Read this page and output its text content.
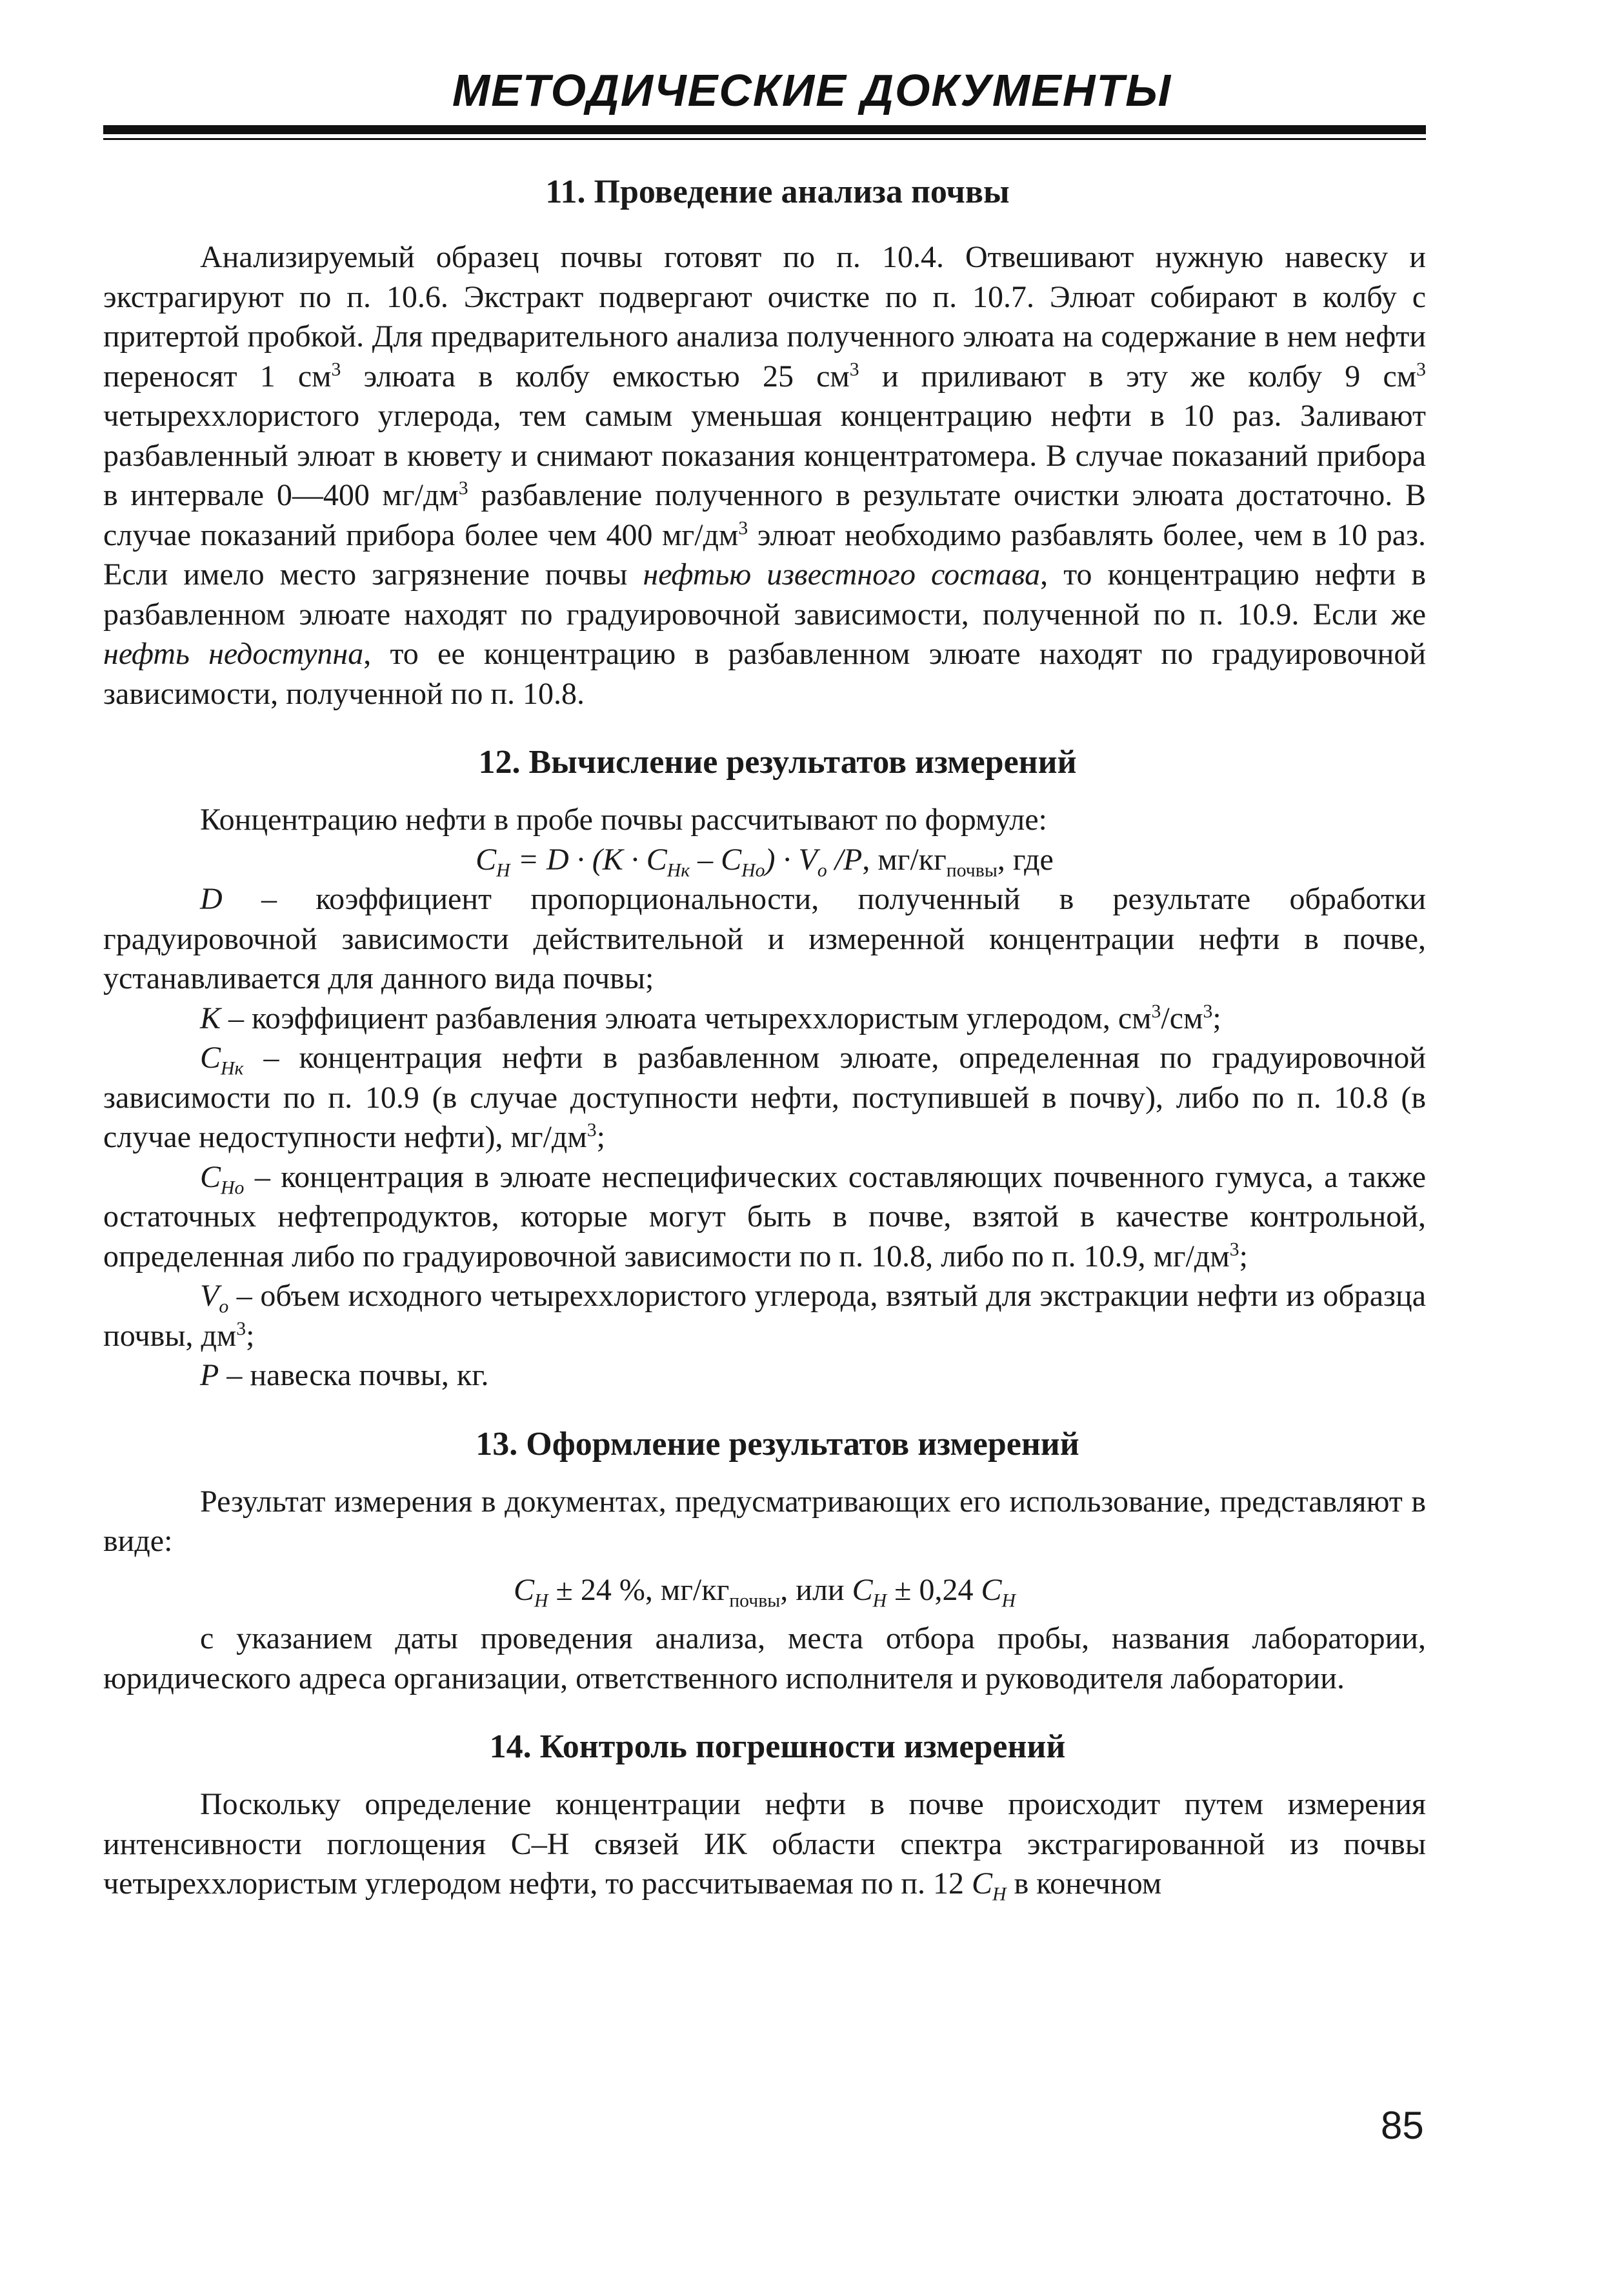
МЕТОДИЧЕСКИЕ ДОКУМЕНТЫ
11. Проведение анализа почвы

Анализируемый образец почвы готовят по п. 10.4. Отвешивают нужную навеску и экстрагируют по п. 10.6. Экстракт подвергают очистке по п. 10.7. Элюат собирают в колбу с притертой пробкой. Для предварительного анализа полученного элюата на содержание в нем нефти переносят 1 $см^3$ элюата в колбу емкостью 25 $см^3$ и приливают в эту же колбу 9 $см^3$ четыреххлористого углерода, тем самым уменьшая концентрацию нефти в 10 раз. Заливают разбавленный элюат в кювету и снимают показания концентратомера. В случае показаний прибора в интервале 0—400 $мг/дм^3$ разбавление полученного в результате очистки элюата достаточно. В случае показаний прибора более чем 400 $мг/дм^3$ элюат необходимо разбавлять более, чем в 10 раз. Если имело место загрязнение почвы нефтью известного состава, то концентрацию нефти в разбавленном элюате находят по градуировочной зависимости, полученной по п. 10.9. Если же нефть недоступна, то ее концентрацию в разбавленном элюате находят по градуировочной зависимости, полученной по п. 10.8.

12. Вычисление результатов измерений

Концентрацию нефти в пробе почвы рассчитывают по формуле:

$C_H = D \cdot (K \cdot C_{Hк} - C_{Ho}) \cdot V_o$ /P, $мг/кг_{почвы}$, где

D – коэффициент пропорциональности, полученный в результате обработки градуировочной зависимости действительной и измеренной концентрации нефти в почве, устанавливается для данного вида почвы;

K – коэффициент разбавления элюата четыреххлористым углеродом, $см^3/см^3$;

$C_{Hк}$ – концентрация нефти в разбавленном элюате, определенная по градуировочной зависимости по п. 10.9 (в случае доступности нефти, поступившей в почву), либо по п. 10.8 (в случае недоступности нефти), $мг/дм^3$;

$C_{Ho}$ – концентрация в элюате неспецифических составляющих почвенного гумуса, а также остаточных нефтепродуктов, которые могут быть в почве, взятой в качестве контрольной, определенная либо по градуировочной зависимости по п. 10.8, либо по п. 10.9, $мг/дм^3$;

$V_o$ – объем исходного четыреххлористого углерода, взятый для экстракции нефти из образца почвы, $дм^3$;

P – навеска почвы, кг.

13. Оформление результатов измерений

Результат измерения в документах, предусматривающих его использование, представляют в виде:

$C_H \pm 24$ %, $мг/кг_{почвы}$, или $C_H \pm 0,24$ $C_H$

с указанием даты проведения анализа, места отбора пробы, названия лаборатории, юридического адреса организации, ответственного исполнителя и руководителя лаборатории.

14. Контроль погрешности измерений

Поскольку определение концентрации нефти в почве происходит путем измерения интенсивности поглощения С–Н связей ИК области спектра экстрагированной из почвы четыреххлористым углеродом нефти, то рассчитываемая по п. 12 $C_H$ в конечном

85
